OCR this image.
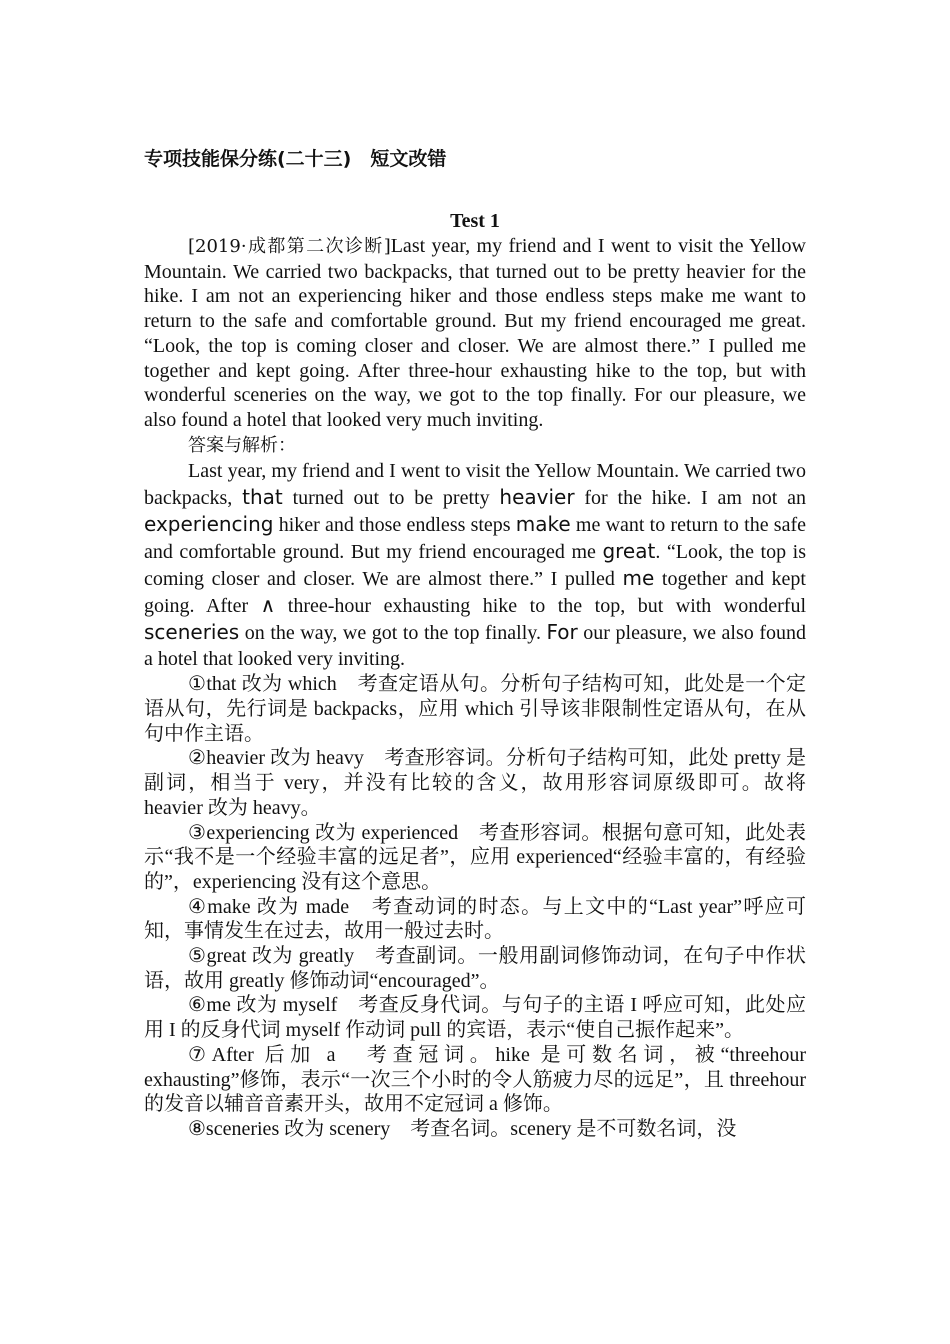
专项技能保分练(二十三)　短文改错
Test 1

[2019·成都第二次诊断]Last year, my friend and I went to visit the Yellow Mountain. We carried two backpacks, that turned out to be pretty heavier for the hike. I am not an experiencing hiker and those endless steps make me want to return to the safe and comfortable ground. But my friend encouraged me great. “Look, the top is coming closer and closer. We are almost there.” I pulled me together and kept going. After three-hour exhausting hike to the top, but with wonderful sceneries on the way, we got to the top finally. For our pleasure, we also found a hotel that looked very much inviting.

答案与解析：

Last year, my friend and I went to visit the Yellow Mountain. We carried two backpacks, that turned out to be pretty heavier for the hike. I am not an experiencing hiker and those endless steps make me want to return to the safe and comfortable ground. But my friend encouraged me great. “Look, the top is coming closer and closer. We are almost there.” I pulled me together and kept going. After ∧ three-hour exhausting hike to the top, but with wonderful sceneries on the way, we got to the top finally. For our pleasure, we also found a hotel that looked very inviting.

①that 改为 which　考查定语从句。分析句子结构可知，此处是一个定语从句，先行词是 backpacks，应用 which 引导该非限制性定语从句，在从句中作主语。

②heavier 改为 heavy　考查形容词。分析句子结构可知，此处 pretty 是副词，相当于 very，并没有比较的含义，故用形容词原级即可。故将 heavier 改为 heavy。

③experiencing 改为 experienced　考查形容词。根据句意可知，此处表示“我不是一个经验丰富的远足者”，应用 experienced“经验丰富的，有经验的”，experiencing 没有这个意思。

④make 改为 made　考查动词的时态。与上文中的“Last year”呼应可知，事情发生在过去，故用一般过去时。

⑤great 改为 greatly　考查副词。一般用副词修饰动词，在句子中作状语，故用 greatly 修饰动词“encouraged”。

⑥me 改为 myself　考查反身代词。与句子的主语 I 呼应可知，此处应用 I 的反身代词 myself 作动词 pull 的宾语，表示“使自己振作起来”。

⑦After 后加 a　考查冠词。hike 是可数名词，被“threehour exhausting”修饰，表示“一次三个小时的令人筋疲力尽的远足”，且 threehour 的发音以辅音音素开头，故用不定冠词 a 修饰。

⑧sceneries 改为 scenery　考查名词。scenery 是不可数名词，没
